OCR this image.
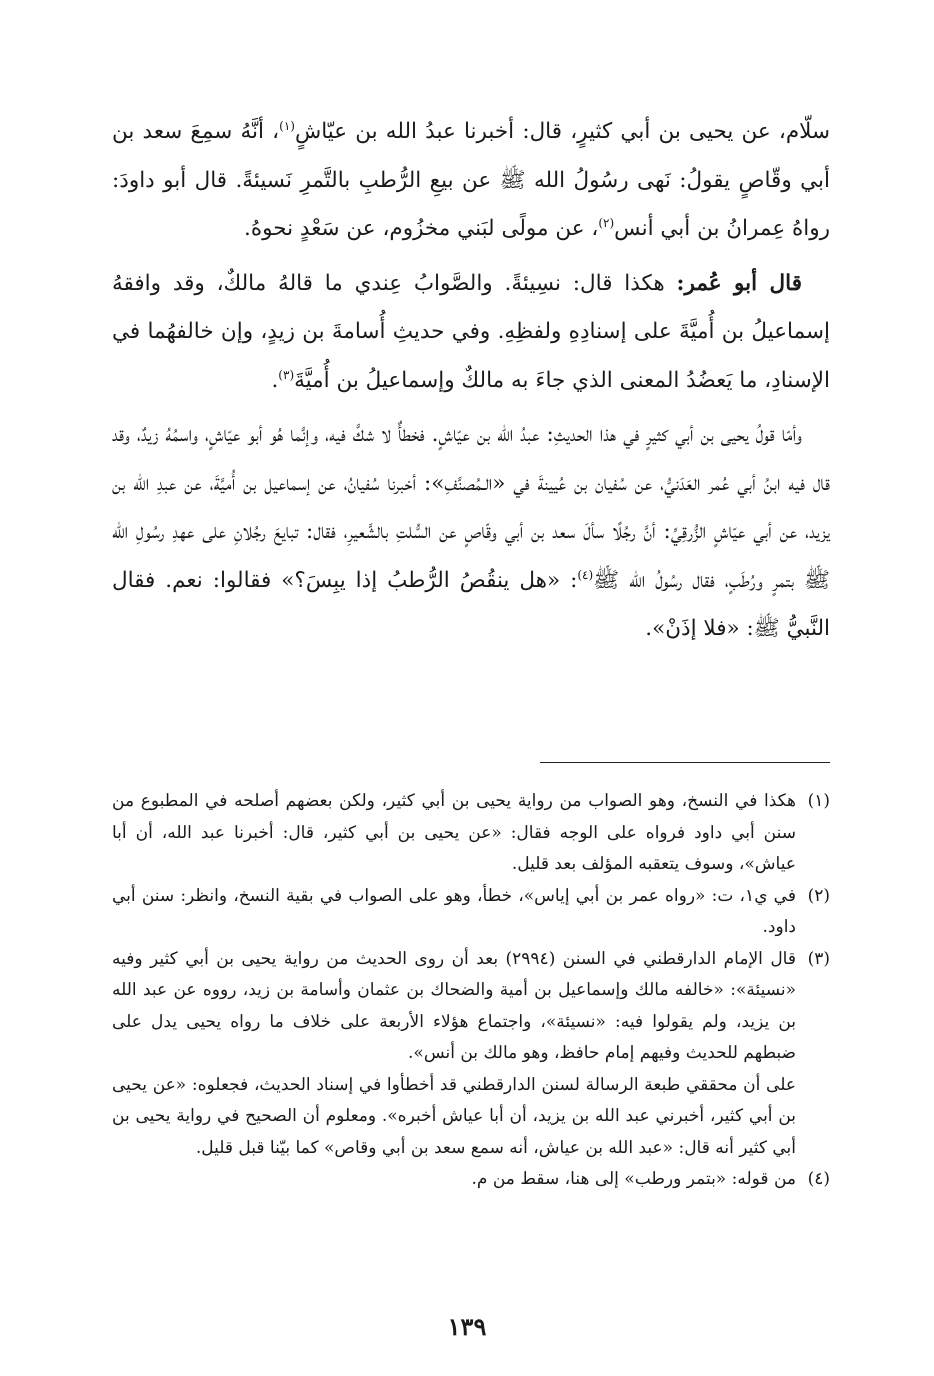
سلّام، عن يحيى بن أبي كثيرٍ، قال: أخبرنا عبدُ الله بن عيّاشٍ$^{(١)}$، أنَّهُ سمِعَ سعد بن أبي وقّاصٍ يقولُ: نَهى رسُولُ الله ﷺ عن بيعِ الرُّطبِ بالتَّمرِ نَسيئةً. قال أبو داودَ: رواهُ عِمرانُ بن أبي أنس$^{(٢)}$، عن مولًى لبَني مخزُوم، عن سَعْدٍ نحوهُ.

قال أبو عُمر: هكذا قال: نسِيئةً. والصَّوابُ عِندي ما قالهُ مالكٌ، وقد وافقهُ إسماعيلُ بن أُميَّةَ على إسنادِهِ ولفظِهِ. وفي حديثِ أُسامةَ بن زيدٍ، وإن خالفهُما في الإسنادِ، ما يَعضُدُ المعنى الذي جاءَ به مالكٌ وإسماعيلُ بن أُميَّةَ$^{(٣)}$.

وأمّا قولُ يحيى بن أبي كثيرٍ في هذا الحديثِ: عبدُ الله بن عيّاشٍ. فخطأٌ لا شكَّ فيه، وإنَّما هُو أبو عيّاشٍ، واسمُهُ زيدٌ، وقد قال فيه ابنُ أبي عُمر العَدَنيُّ، عن سُفيان بن عُيينةَ في «الـمُصنَّفِ»: أخبرنا سُفيانُ، عن إسماعيل بن أُميَّةَ، عن عبدِ الله بن يزيد، عن أبي عيّاشٍ الزُّرقِيِّ: أنَّ رجُلًا سألَ سعد بن أبي وقّاصٍ عن السُّلتِ بالشَّعيرِ، فقال: تبايعَ رجُلانِ على عهدِ رسُولِ الله ﷺ بتمرٍ ورُطَبٍ، فقال رسُولُ الله ﷺ$^{(٤)}$: «هل ينقُصُ الرُّطبُ إذا يبِسَ؟» فقالوا: نعم. فقال النَّبيُّ ﷺ: «فلا إذَنْ».

(١)هكذا في النسخ، وهو الصواب من رواية يحيى بن أبي كثير، ولكن بعضهم أصلحه في المطبوع من سنن أبي داود فرواه على الوجه فقال: «عن يحيى بن أبي كثير، قال: أخبرنا عبد الله، أن أبا عياش»، وسوف يتعقبه المؤلف بعد قليل.

(٢)في ي١، ت: «رواه عمر بن أبي إياس»، خطأ، وهو على الصواب في بقية النسخ، وانظر: سنن أبي داود.

(٣)قال الإمام الدارقطني في السنن (٢٩٩٤) بعد أن روى الحديث من رواية يحيى بن أبي كثير وفيه «نسيئة»: «خالفه مالك وإسماعيل بن أمية والضحاك بن عثمان وأسامة بن زيد، رووه عن عبد الله بن يزيد، ولم يقولوا فيه: «نسيئة»، واجتماع هؤلاء الأربعة على خلاف ما رواه يحيى يدل على ضبطهم للحديث وفيهم إمام حافظ، وهو مالك بن أنس».

على أن محققي طبعة الرسالة لسنن الدارقطني قد أخطأوا في إسناد الحديث، فجعلوه: «عن يحيى بن أبي كثير، أخبرني عبد الله بن يزيد، أن أبا عياش أخبره». ومعلوم أن الصحيح في رواية يحيى بن أبي كثير أنه قال: «عبد الله بن عياش، أنه سمع سعد بن أبي وقاص» كما بيّنا قبل قليل.

(٤)من قوله: «بتمر ورطب» إلى هنا، سقط من م.

١٣٩
